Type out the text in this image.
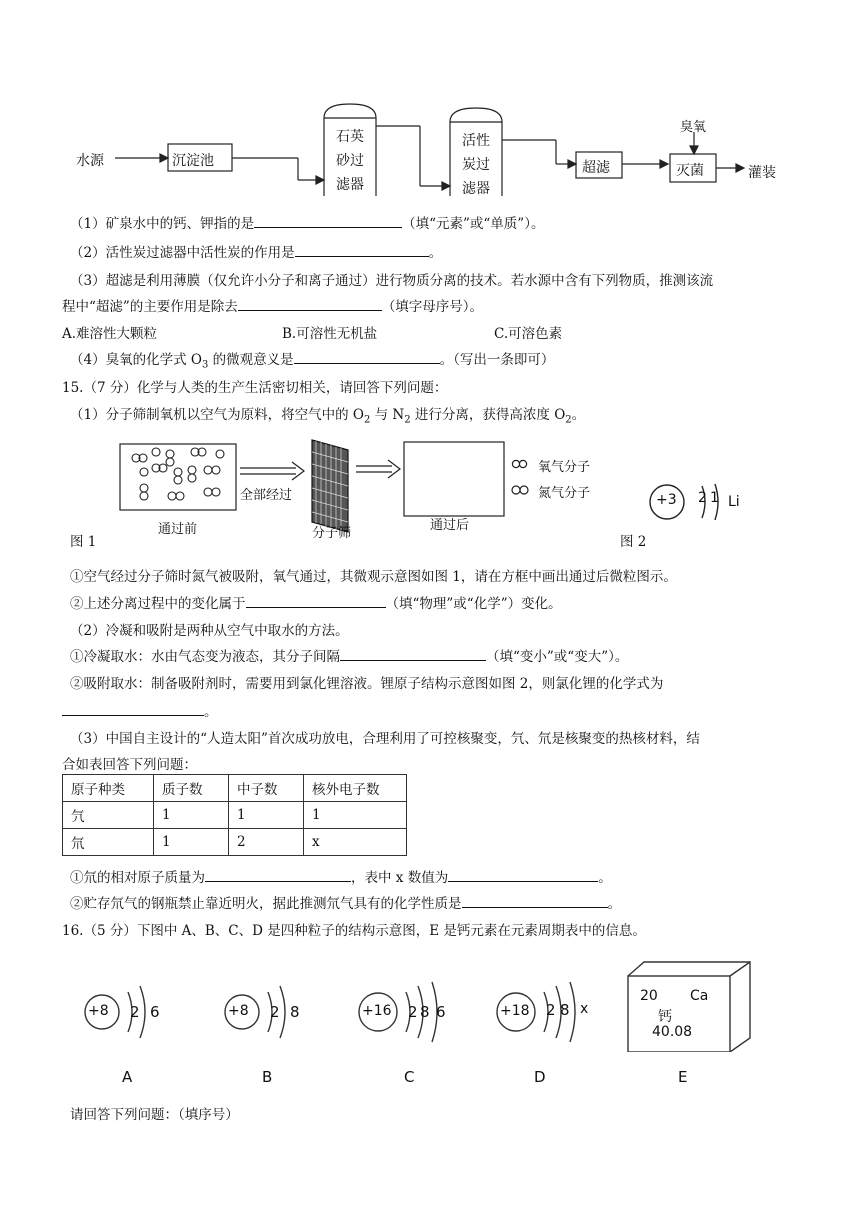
水源	沉淀池
石英
砂过
滤器
活性
炭过
滤器
超滤
臭氧
灭菌	灌装
（1）矿泉水中的钙、钾指的是	（填“元素”或“单质”）。
（2）活性炭过滤器中活性炭的作用是	。
（3）超滤是利用薄膜（仅允许小分子和离子通过）进行物质分离的技术。若水源中含有下列物质，推测该流
程中“超滤”的主要作用是除去	（填字母序号）。
A.难溶性大颗粒	B.可溶性无机盐	C.可溶色素
（4）臭氧的化学式 $O_3$ 的微观意义是	。（写出一条即可）
15.（7 分）化学与人类的生产生活密切相关，请回答下列问题：
（1）分子筛制氧机以空气为原料，将空气中的 $O_2$ 与 $N_2$ 进行分离，获得高浓度 $O_2$。
全部经过
通过前	分子筛
通过后
氧气分子
氮气分子
图 1	图 2
+3 2 1 Li
①空气经过分子筛时氮气被吸附，氧气通过，其微观示意图如图 1，请在方框中画出通过后微粒图示。
②上述分离过程中的变化属于	（填“物理”或“化学”）变化。
（2）冷凝和吸附是两种从空气中取水的方法。
①冷凝取水：水由气态变为液态，其分子间隔	（填“变小”或“变大”）。
②吸附取水：制备吸附剂时，需要用到氯化锂溶液。锂原子结构示意图如图 2，则氯化锂的化学式为
。
（3）中国自主设计的“人造太阳”首次成功放电，合理利用了可控核聚变，氕、氘是核聚变的热核材料，结
合如表回答下列问题：
原子种类	质子数	中子数	核外电子数
氕	1	1	1
氘	1	2	x
①氘的相对原子质量为	，表中 x 数值为	。
②贮存氘气的钢瓶禁止靠近明火，据此推测氘气具有的化学性质是	。
16.（5 分）下图中 A、B、C、D 是四种粒子的结构示意图，E 是钙元素在元素周期表中的信息。
+8 2 6
A
+8 2 8
B
+16 2 8 6
C
+18 2 8 x
D
20 Ca
钙
40.08
E
请回答下列问题：（填序号）
